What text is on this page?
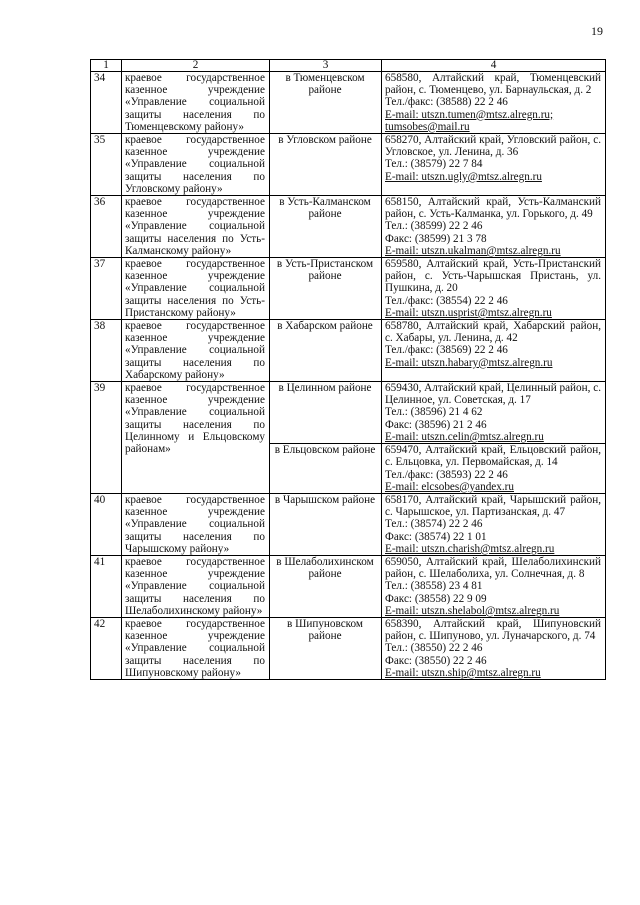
19
1	2	3	4
34	краевое государственное казенное учреждение «Управление социальной защиты населения по Тюменцевскому району»	в Тюменцевском районе	658580, Алтайский край, Тюменцевский район, с. Тюменцево, ул. Барнаульская, д. 2
Тел./факс: (38588) 22 2 46
E-mail: utszn.tumen@mtsz.alregn.ru;
tumsobes@mail.ru

35	краевое государственное казенное учреждение «Управление социальной защиты населения по Угловскому району»	в Угловском районе	658270, Алтайский край, Угловский район, с. Угловское, ул. Ленина, д. 36
Тел.: (38579) 22 7 84
E-mail: utszn.ugly@mtsz.alregn.ru

36	краевое государственное казенное учреждение «Управление социальной защиты населения по Усть-Калманскому району»	в Усть-Калманском районе	658150, Алтайский край, Усть-Калманский район, с. Усть-Калманка, ул. Горького, д. 49
Тел.: (38599) 22 2 46
Факс: (38599) 21 3 78
E-mail: utszn.ukalman@mtsz.alregn.ru

37	краевое государственное казенное учреждение «Управление социальной защиты населения по Усть-Пристанскому району»	в Усть-Пристанском районе	659580, Алтайский край, Усть-Пристанский район, с. Усть-Чарышская Пристань, ул. Пушкина, д. 20
Тел./факс: (38554) 22 2 46
E-mail: utszn.usprist@mtsz.alregn.ru

38	краевое государственное казенное учреждение «Управление социальной защиты населения по Хабарскому району»	в Хабарском районе	658780, Алтайский край, Хабарский район, с. Хабары, ул. Ленина, д. 42
Тел./факс: (38569) 22 2 46
E-mail: utszn.habary@mtsz.alregn.ru

39	краевое государственное казенное учреждение «Управление социальной защиты населения по Целинному и Ельцовскому районам»	в Целинном районе	659430, Алтайский край, Целинный район, с. Целинное, ул. Советская, д. 17
Тел.: (38596) 21 4 62
Факс: (38596) 21 2 46
E-mail: utszn.celin@mtsz.alregn.ru

		в Ельцовском районе	659470, Алтайский край, Ельцовский район, с. Ельцовка, ул. Первомайская, д. 14
Тел./факс: (38593) 22 2 46
E-mail: elcsobes@yandex.ru

40	краевое государственное казенное учреждение «Управление социальной защиты населения по Чарышскому району»	в Чарышском районе	658170, Алтайский край, Чарышский район, с. Чарышское, ул. Партизанская, д. 47
Тел.: (38574) 22 2 46
Факс: (38574) 22 1 01
E-mail: utszn.charish@mtsz.alregn.ru

41	краевое государственное казенное учреждение «Управление социальной защиты населения по Шелаболихинскому району»	в Шелаболихинском районе	659050, Алтайский край, Шелаболихинский район, с. Шелаболиха, ул. Солнечная, д. 8
Тел.: (38558) 23 4 81
Факс: (38558) 22 9 09
E-mail: utszn.shelabol@mtsz.alregn.ru

42	краевое государственное казенное учреждение «Управление социальной защиты населения по Шипуновскому району»	в Шипуновском районе	658390, Алтайский край, Шипуновский район, с. Шипуново, ул. Луначарского, д. 74
Тел.: (38550) 22 2 46
Факс: (38550) 22 2 46
E-mail: utszn.ship@mtsz.alregn.ru
